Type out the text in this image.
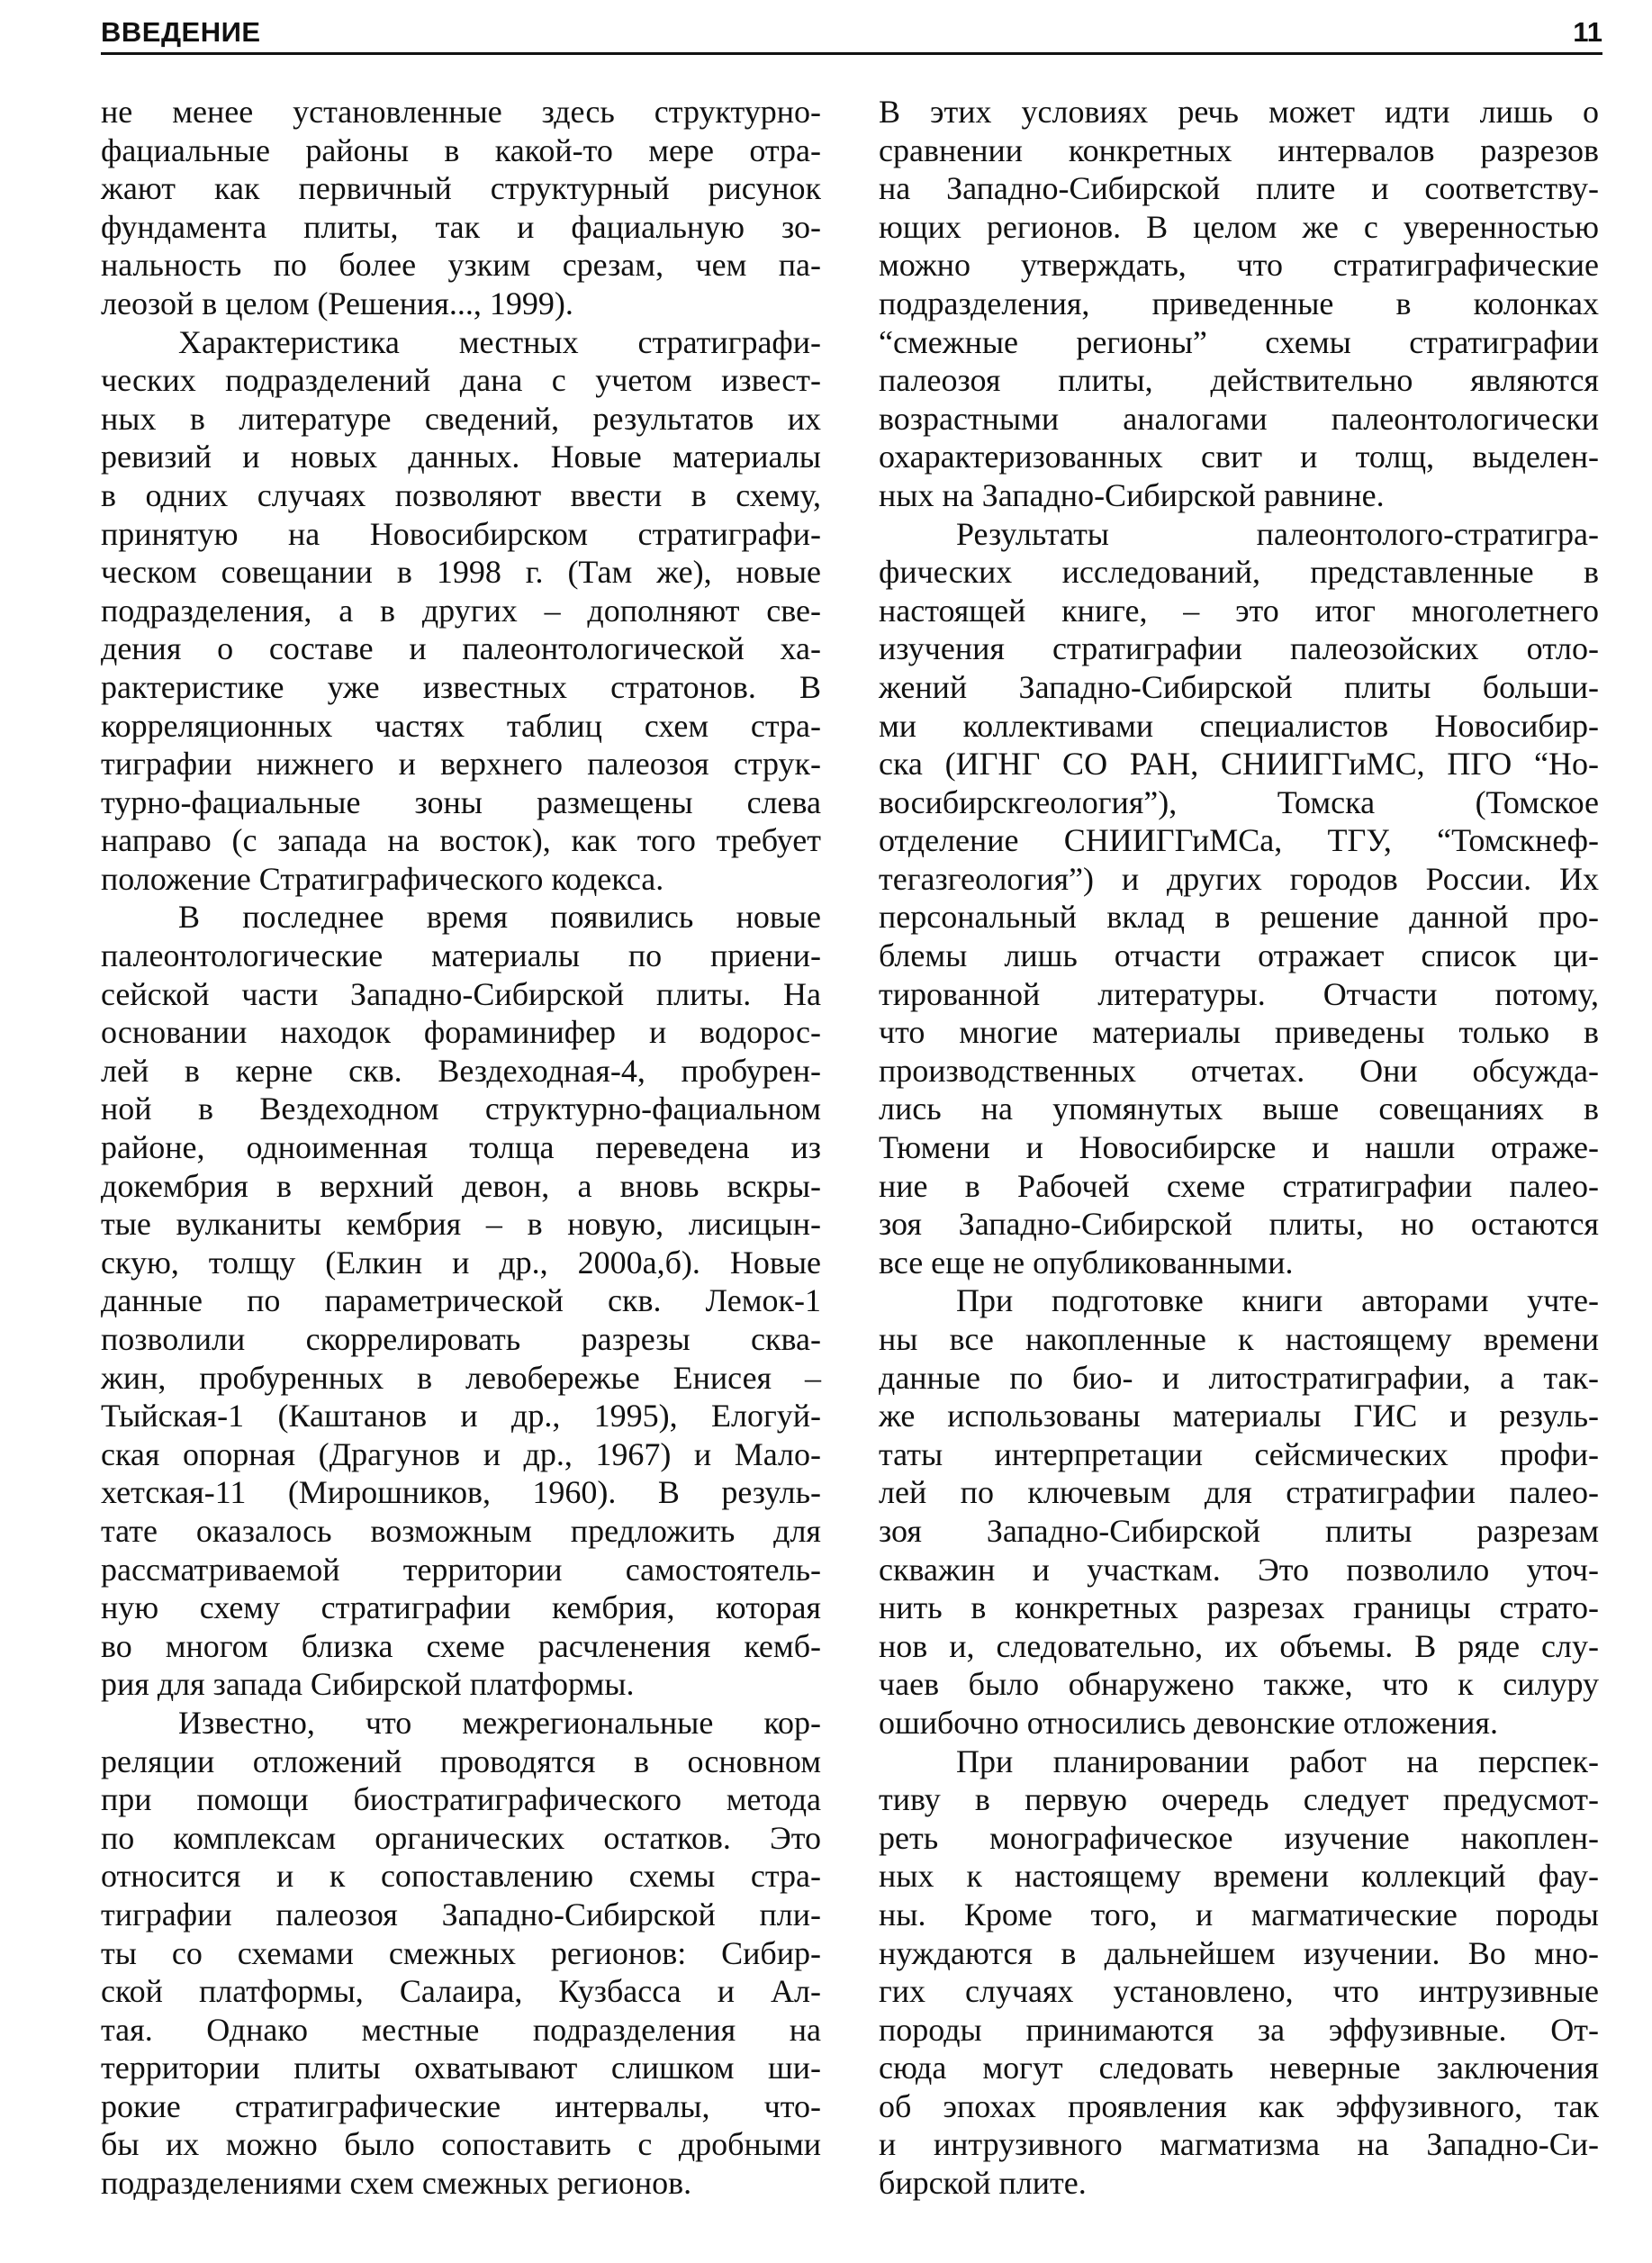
ВВЕДЕНИЕ	11
не менее установленные здесь структурно-
фациальные районы в какой-то мере отра-
жают как первичный структурный рисунок
фундамента плиты, так и фациальную зо-
нальность по более узким срезам, чем па-
леозой в целом (Решения..., 1999).
Характеристика местных стратиграфи-
ческих подразделений дана с учетом извест-
ных в литературе сведений, результатов их
ревизий и новых данных. Новые материалы
в одних случаях позволяют ввести в схему,
принятую на Новосибирском стратиграфи-
ческом совещании в 1998 г. (Там же), новые
подразделения, а в других – дополняют све-
дения о составе и палеонтологической ха-
рактеристике уже известных стратонов. В
корреляционных частях таблиц схем стра-
тиграфии нижнего и верхнего палеозоя струк-
турно-фациальные зоны размещены слева
направо (с запада на восток), как того требует
положение Стратиграфического кодекса.
В последнее время появились новые
палеонтологические материалы по приени-
сейской части Западно-Сибирской плиты. На
основании находок фораминифер и водорос-
лей в керне скв. Вездеходная-4, пробурен-
ной в Вездеходном структурно-фациальном
районе, одноименная толща переведена из
докембрия в верхний девон, а вновь вскры-
тые вулканиты кембрия – в новую, лисицын-
скую, толщу (Елкин и др., 2000а,б). Новые
данные по параметрической скв. Лемок-1
позволили скоррелировать разрезы сква-
жин, пробуренных в левобережье Енисея –
Тыйская-1 (Каштанов и др., 1995), Елогуй-
ская опорная (Драгунов и др., 1967) и Мало-
хетская-11 (Мирошников, 1960). В резуль-
тате оказалось возможным предложить для
рассматриваемой территории самостоятель-
ную схему стратиграфии кембрия, которая
во многом близка схеме расчленения кемб-
рия для запада Сибирской платформы.
Известно, что межрегиональные кор-
реляции отложений проводятся в основном
при помощи биостратиграфического метода
по комплексам органических остатков. Это
относится и к сопоставлению схемы стра-
тиграфии палеозоя Западно-Сибирской пли-
ты со схемами смежных регионов: Сибир-
ской платформы, Салаира, Кузбасса и Ал-
тая. Однако местные подразделения на
территории плиты охватывают слишком ши-
рокие стратиграфические интервалы, что-
бы их можно было сопоставить с дробными
подразделениями схем смежных регионов.
В этих условиях речь может идти лишь о
сравнении конкретных интервалов разрезов
на Западно-Сибирской плите и соответству-
ющих регионов. В целом же с уверенностью
можно утверждать, что стратиграфические
подразделения, приведенные в колонках
“смежные регионы” схемы стратиграфии
палеозоя плиты, действительно являются
возрастными аналогами палеонтологически
охарактеризованных свит и толщ, выделен-
ных на Западно-Сибирской равнине.
Результаты палеонтолого-стратигра-
фических исследований, представленные в
настоящей книге, – это итог многолетнего
изучения стратиграфии палеозойских отло-
жений Западно-Сибирской плиты больши-
ми коллективами специалистов Новосибир-
ска (ИГНГ СО РАН, СНИИГГиМС, ПГО “Но-
восибирскгеология”), Томска (Томское
отделение СНИИГГиМСа, ТГУ, “Томскнеф-
тегазгеология”) и других городов России. Их
персональный вклад в решение данной про-
блемы лишь отчасти отражает список ци-
тированной литературы. Отчасти потому,
что многие материалы приведены только в
производственных отчетах. Они обсужда-
лись на упомянутых выше совещаниях в
Тюмени и Новосибирске и нашли отраже-
ние в Рабочей схеме стратиграфии палео-
зоя Западно-Сибирской плиты, но остаются
все еще не опубликованными.
При подготовке книги авторами учте-
ны все накопленные к настоящему времени
данные по био- и литостратиграфии, а так-
же использованы материалы ГИС и резуль-
таты интерпретации сейсмических профи-
лей по ключевым для стратиграфии палео-
зоя Западно-Сибирской плиты разрезам
скважин и участкам. Это позволило уточ-
нить в конкретных разрезах границы страто-
нов и, следовательно, их объемы. В ряде слу-
чаев было обнаружено также, что к силуру
ошибочно относились девонские отложения.
При планировании работ на перспек-
тиву в первую очередь следует предусмот-
реть монографическое изучение накоплен-
ных к настоящему времени коллекций фау-
ны. Кроме того, и магматические породы
нуждаются в дальнейшем изучении. Во мно-
гих случаях установлено, что интрузивные
породы принимаются за эффузивные. От-
сюда могут следовать неверные заключения
об эпохах проявления как эффузивного, так
и интрузивного магматизма на Западно-Си-
бирской плите.
